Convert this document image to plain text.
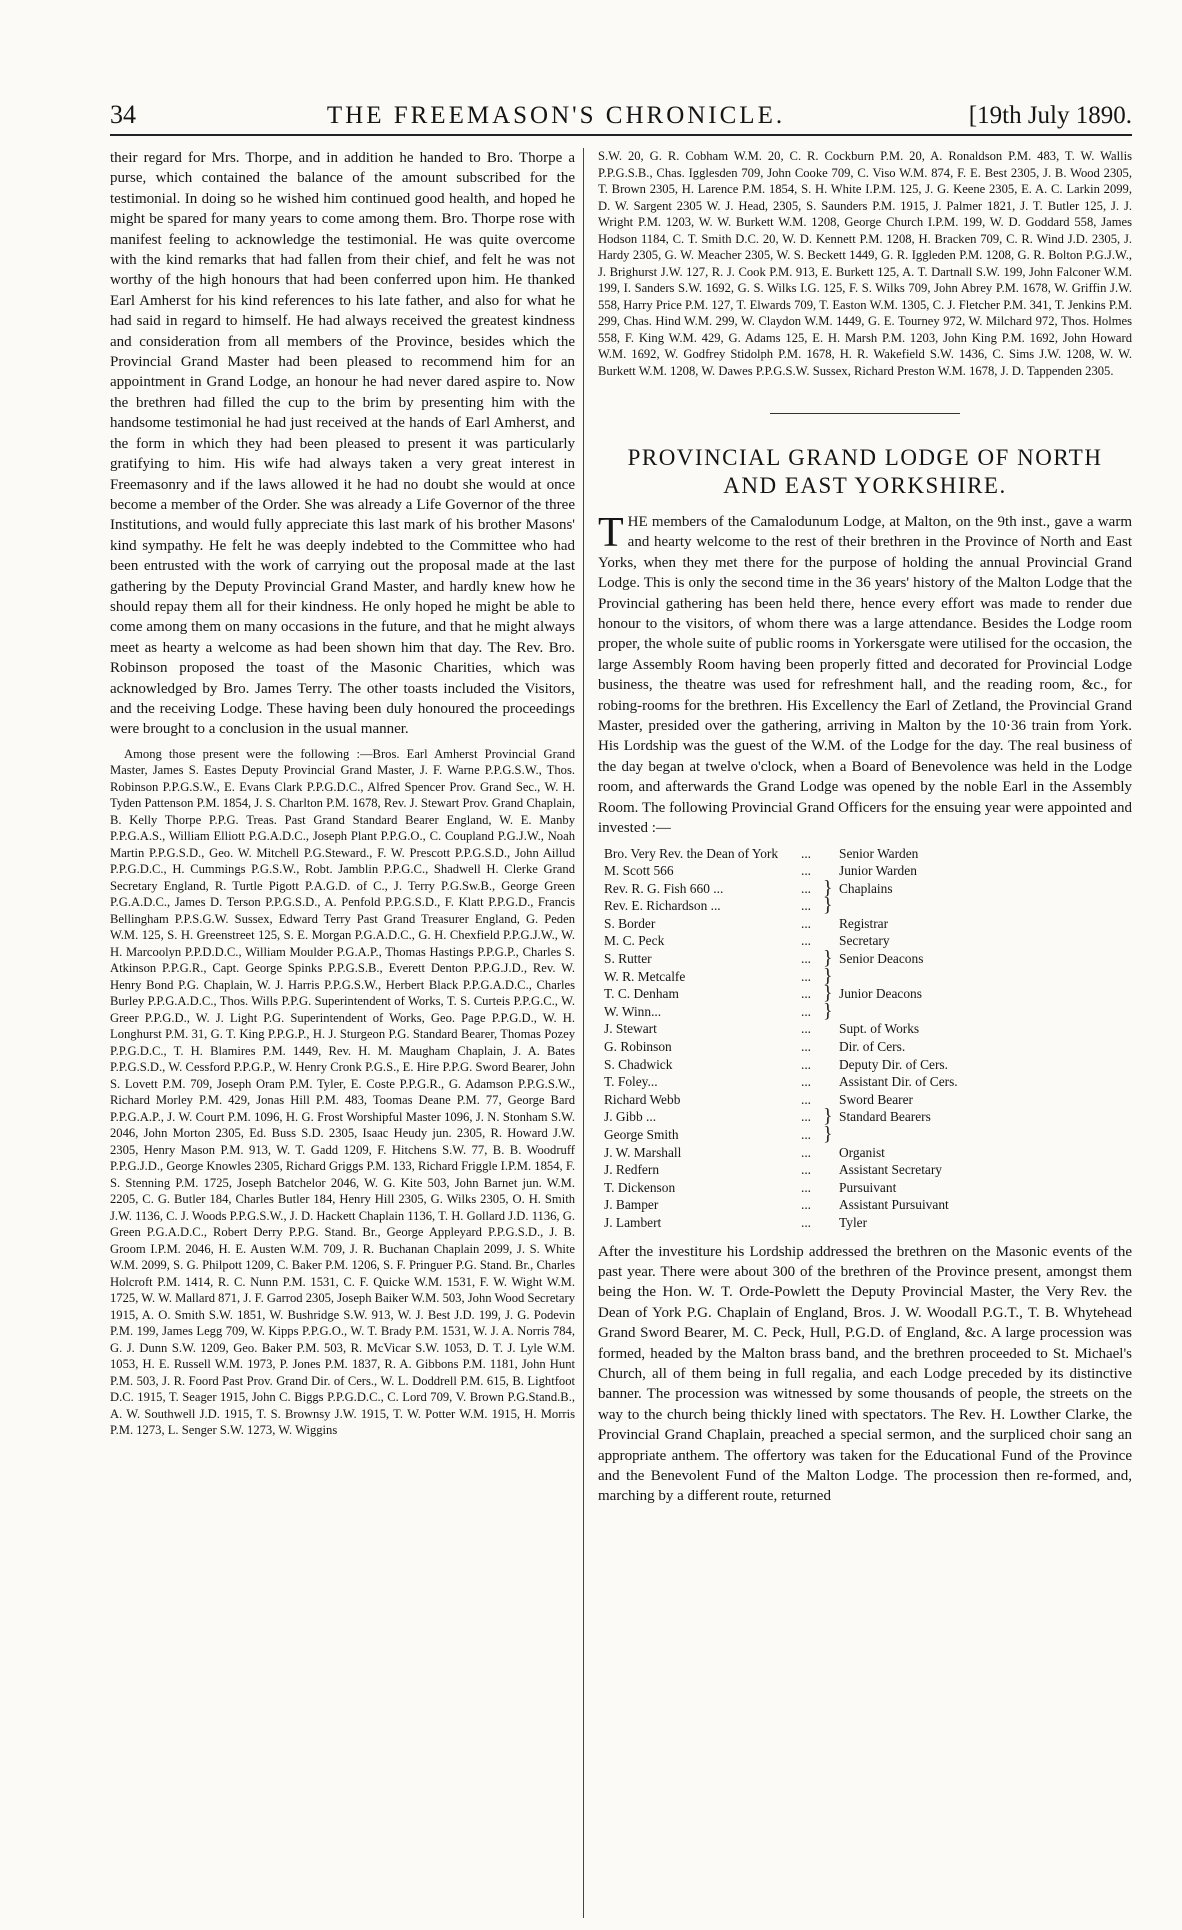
34	THE FREEMASON'S CHRONICLE.	[19th July 1890.

their regard for Mrs. Thorpe, and in addition he handed to Bro. Thorpe a purse, which contained the balance of the amount subscribed for the testimonial. In doing so he wished him continued good health, and hoped he might be spared for many years to come among them. Bro. Thorpe rose with manifest feeling to acknowledge the testimonial. He was quite overcome with the kind remarks that had fallen from their chief, and felt he was not worthy of the high honours that had been conferred upon him. He thanked Earl Amherst for his kind references to his late father, and also for what he had said in regard to himself. He had always received the greatest kindness and consideration from all members of the Province, besides which the Provincial Grand Master had been pleased to recommend him for an appointment in Grand Lodge, an honour he had never dared aspire to. Now the brethren had filled the cup to the brim by presenting him with the handsome testimonial he had just received at the hands of Earl Amherst, and the form in which they had been pleased to present it was particularly gratifying to him. His wife had always taken a very great interest in Freemasonry and if the laws allowed it he had no doubt she would at once become a member of the Order. She was already a Life Governor of the three Institutions, and would fully appreciate this last mark of his brother Masons' kind sympathy. He felt he was deeply indebted to the Committee who had been entrusted with the work of carrying out the proposal made at the last gathering by the Deputy Provincial Grand Master, and hardly knew how he should repay them all for their kindness. He only hoped he might be able to come among them on many occasions in the future, and that he might always meet as hearty a welcome as had been shown him that day. The Rev. Bro. Robinson proposed the toast of the Masonic Charities, which was acknowledged by Bro. James Terry. The other toasts included the Visitors, and the receiving Lodge. These having been duly honoured the proceedings were brought to a conclusion in the usual manner.

Among those present were the following :—Bros. Earl Amherst Provincial Grand Master, James S. Eastes Deputy Provincial Grand Master, J. F. Warne P.P.G.S.W., Thos. Robinson P.P.G.S.W., E. Evans Clark P.P.G.D.C., Alfred Spencer Prov. Grand Sec., W. H. Tyden Pattenson P.M. 1854, J. S. Charlton P.M. 1678, Rev. J. Stewart Prov. Grand Chaplain, B. Kelly Thorpe P.P.G. Treas. Past Grand Standard Bearer England, W. E. Manby P.P.G.A.S., William Elliott P.G.A.D.C., Joseph Plant P.P.G.O., C. Coupland P.G.J.W., Noah Martin P.P.G.S.D., Geo. W. Mitchell P.G.Steward., F. W. Prescott P.P.G.S.D., John Aillud P.P.G.D.C., H. Cummings P.G.S.W., Robt. Jamblin P.P.G.C., Shadwell H. Clerke Grand Secretary England, R. Turtle Pigott P.A.G.D. of C., J. Terry P.G.Sw.B., George Green P.G.A.D.C., James D. Terson P.P.G.S.D., A. Penfold P.P.G.S.D., F. Klatt P.P.G.D., Francis Bellingham P.P.S.G.W. Sussex, Edward Terry Past Grand Treasurer England, G. Peden W.M. 125, S. H. Greenstreet 125, S. E. Morgan P.G.A.D.C., G. H. Chexfield P.P.G.J.W., W. H. Marcoolyn P.P.D.D.C., William Moulder P.G.A.P., Thomas Hastings P.P.G.P., Charles S. Atkinson P.P.G.R., Capt. George Spinks P.P.G.S.B., Everett Denton P.P.G.J.D., Rev. W. Henry Bond P.G. Chaplain, W. J. Harris P.P.G.S.W., Herbert Black P.P.G.A.D.C., Charles Burley P.P.G.A.D.C., Thos. Wills P.P.G. Superintendent of Works, T. S. Curteis P.P.G.C., W. Greer P.P.G.D., W. J. Light P.G. Superintendent of Works, Geo. Page P.P.G.D., W. H. Longhurst P.M. 31, G. T. King P.P.G.P., H. J. Sturgeon P.G. Standard Bearer, Thomas Pozey P.P.G.D.C., T. H. Blamires P.M. 1449, Rev. H. M. Maugham Chaplain, J. A. Bates P.P.G.S.D., W. Cessford P.P.G.P., W. Henry Cronk P.G.S., E. Hire P.P.G. Sword Bearer, John S. Lovett P.M. 709, Joseph Oram P.M. Tyler, E. Coste P.P.G.R., G. Adamson P.P.G.S.W., Richard Morley P.M. 429, Jonas Hill P.M. 483, Toomas Deane P.M. 77, George Bard P.P.G.A.P., J. W. Court P.M. 1096, H. G. Frost Worshipful Master 1096, J. N. Stonham S.W. 2046, John Morton 2305, Ed. Buss S.D. 2305, Isaac Heudy jun. 2305, R. Howard J.W. 2305, Henry Mason P.M. 913, W. T. Gadd 1209, F. Hitchens S.W. 77, B. B. Woodruff P.P.G.J.D., George Knowles 2305, Richard Griggs P.M. 133, Richard Friggle I.P.M. 1854, F. S. Stenning P.M. 1725, Joseph Batchelor 2046, W. G. Kite 503, John Barnet jun. W.M. 2205, C. G. Butler 184, Charles Butler 184, Henry Hill 2305, G. Wilks 2305, O. H. Smith J.W. 1136, C. J. Woods P.P.G.S.W., J. D. Hackett Chaplain 1136, T. H. Gollard J.D. 1136, G. Green P.G.A.D.C., Robert Derry P.P.G. Stand. Br., George Appleyard P.P.G.S.D., J. B. Groom I.P.M. 2046, H. E. Austen W.M. 709, J. R. Buchanan Chaplain 2099, J. S. White W.M. 2099, S. G. Philpott 1209, C. Baker P.M. 1206, S. F. Pringuer P.G. Stand. Br., Charles Holcroft P.M. 1414, R. C. Nunn P.M. 1531, C. F. Quicke W.M. 1531, F. W. Wight W.M. 1725, W. W. Mallard 871, J. F. Garrod 2305, Joseph Baiker W.M. 503, John Wood Secretary 1915, A. O. Smith S.W. 1851, W. Bushridge S.W. 913, W. J. Best J.D. 199, J. G. Podevin P.M. 199, James Legg 709, W. Kipps P.P.G.O., W. T. Brady P.M. 1531, W. J. A. Norris 784, G. J. Dunn S.W. 1209, Geo. Baker P.M. 503, R. McVicar S.W. 1053, D. T. J. Lyle W.M. 1053, H. E. Russell W.M. 1973, P. Jones P.M. 1837, R. A. Gibbons P.M. 1181, John Hunt P.M. 503, J. R. Foord Past Prov. Grand Dir. of Cers., W. L. Doddrell P.M. 615, B. Lightfoot D.C. 1915, T. Seager 1915, John C. Biggs P.P.G.D.C., C. Lord 709, V. Brown P.G.Stand.B., A. W. Southwell J.D. 1915, T. S. Brownsy J.W. 1915, T. W. Potter W.M. 1915, H. Morris P.M. 1273, L. Senger S.W. 1273, W. Wiggins

S.W. 20, G. R. Cobham W.M. 20, C. R. Cockburn P.M. 20, A. Ronaldson P.M. 483, T. W. Wallis P.P.G.S.B., Chas. Igglesden 709, John Cooke 709, C. Viso W.M. 874, F. E. Best 2305, J. B. Wood 2305, T. Brown 2305, H. Larence P.M. 1854, S. H. White I.P.M. 125, J. G. Keene 2305, E. A. C. Larkin 2099, D. W. Sargent 2305 W. J. Head, 2305, S. Saunders P.M. 1915, J. Palmer 1821, J. T. Butler 125, J. J. Wright P.M. 1203, W. W. Burkett W.M. 1208, George Church I.P.M. 199, W. D. Goddard 558, James Hodson 1184, C. T. Smith D.C. 20, W. D. Kennett P.M. 1208, H. Bracken 709, C. R. Wind J.D. 2305, J. Hardy 2305, G. W. Meacher 2305, W. S. Beckett 1449, G. R. Iggleden P.M. 1208, G. R. Bolton P.G.J.W., J. Brighurst J.W. 127, R. J. Cook P.M. 913, E. Burkett 125, A. T. Dartnall S.W. 199, John Falconer W.M. 199, I. Sanders S.W. 1692, G. S. Wilks I.G. 125, F. S. Wilks 709, John Abrey P.M. 1678, W. Griffin J.W. 558, Harry Price P.M. 127, T. Elwards 709, T. Easton W.M. 1305, C. J. Fletcher P.M. 341, T. Jenkins P.M. 299, Chas. Hind W.M. 299, W. Claydon W.M. 1449, G. E. Tourney 972, W. Milchard 972, Thos. Holmes 558, F. King W.M. 429, G. Adams 125, E. H. Marsh P.M. 1203, John King P.M. 1692, John Howard W.M. 1692, W. Godfrey Stidolph P.M. 1678, H. R. Wakefield S.W. 1436, C. Sims J.W. 1208, W. W. Burkett W.M. 1208, W. Dawes P.P.G.S.W. Sussex, Richard Preston W.M. 1678, J. D. Tappenden 2305.

PROVINCIAL GRAND LODGE OF NORTH
AND EAST YORKSHIRE.

THE members of the Camalodunum Lodge, at Malton, on the 9th inst., gave a warm and hearty welcome to the rest of their brethren in the Province of North and East Yorks, when they met there for the purpose of holding the annual Provincial Grand Lodge. This is only the second time in the 36 years' history of the Malton Lodge that the Provincial gathering has been held there, hence every effort was made to render due honour to the visitors, of whom there was a large attendance. Besides the Lodge room proper, the whole suite of public rooms in Yorkersgate were utilised for the occasion, the large Assembly Room having been properly fitted and decorated for Provincial Lodge business, the theatre was used for refreshment hall, and the reading room, &c., for robing-rooms for the brethren. His Excellency the Earl of Zetland, the Provincial Grand Master, presided over the gathering, arriving in Malton by the 10·36 train from York. His Lordship was the guest of the W.M. of the Lodge for the day. The real business of the day began at twelve o'clock, when a Board of Benevolence was held in the Lodge room, and afterwards the Grand Lodge was opened by the noble Earl in the Assembly Room. The following Provincial Grand Officers for the ensuing year were appointed and invested :—

Bro. Very Rev. the Dean of York	...		Senior Warden
M. Scott 566	...		Junior Warden
Rev. R. G. Fish 660 ...	...	}	Chaplains
Rev. E. Richardson ...	...	}	
S. Border	...		Registrar
M. C. Peck	...		Secretary
S. Rutter	...	}	Senior Deacons
W. R. Metcalfe	...	}	
T. C. Denham	...	}	Junior Deacons
W. Winn...	...	}	
J. Stewart	...		Supt. of Works
G. Robinson	...		Dir. of Cers.
S. Chadwick	...		Deputy Dir. of Cers.
T. Foley...	...		Assistant Dir. of Cers.
Richard Webb	...		Sword Bearer
J. Gibb ...	...	}	Standard Bearers
George Smith	...	}	
J. W. Marshall	...		Organist
J. Redfern	...		Assistant Secretary
T. Dickenson	...		Pursuivant
J. Bamper	...		Assistant Pursuivant
J. Lambert	...		Tyler

After the investiture his Lordship addressed the brethren on the Masonic events of the past year. There were about 300 of the brethren of the Province present, amongst them being the Hon. W. T. Orde-Powlett the Deputy Provincial Master, the Very Rev. the Dean of York P.G. Chaplain of England, Bros. J. W. Woodall P.G.T., T. B. Whytehead Grand Sword Bearer, M. C. Peck, Hull, P.G.D. of England, &c. A large procession was formed, headed by the Malton brass band, and the brethren proceeded to St. Michael's Church, all of them being in full regalia, and each Lodge preceded by its distinctive banner. The procession was witnessed by some thousands of people, the streets on the way to the church being thickly lined with spectators. The Rev. H. Lowther Clarke, the Provincial Grand Chaplain, preached a special sermon, and the surpliced choir sang an appropriate anthem. The offertory was taken for the Educational Fund of the Province and the Benevolent Fund of the Malton Lodge. The procession then re-formed, and, marching by a different route, returned
